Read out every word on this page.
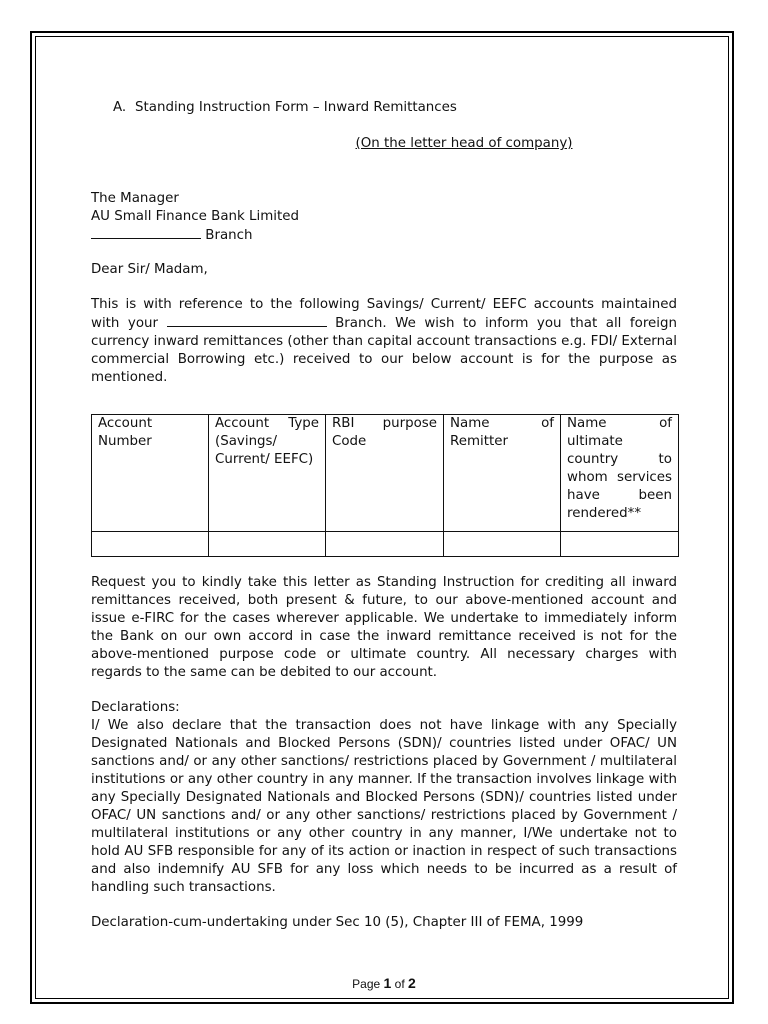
A. Standing Instruction Form – Inward Remittances
(On the letter head of company)
The Manager
AU Small Finance Bank Limited
Branch
Dear Sir/ Madam,

This is with reference to the following Savings/ Current/ EEFC accounts maintained with your	Branch. We wish to inform you that all foreign currency inward remittances (other than capital account transactions e.g. FDI/ External commercial Borrowing etc.) received to our below account is for the purpose as mentioned.

Account Number	Account Type (Savings/ Current/ EEFC)	RBI purpose Code	Name of Remitter	Name of ultimate country to whom services have been rendered**

Request you to kindly take this letter as Standing Instruction for crediting all inward remittances received, both present & future, to our above-mentioned account and issue e-FIRC for the cases wherever applicable. We undertake to immediately inform the Bank on our own accord in case the inward remittance received is not for the above-mentioned purpose code or ultimate country. All necessary charges with regards to the same can be debited to our account.

Declarations:

I/ We also declare that the transaction does not have linkage with any Specially Designated Nationals and Blocked Persons (SDN)/ countries listed under OFAC/ UN sanctions and/ or any other sanctions/ restrictions placed by Government / multilateral institutions or any other country in any manner. If the transaction involves linkage with any Specially Designated Nationals and Blocked Persons (SDN)/ countries listed under OFAC/ UN sanctions and/ or any other sanctions/ restrictions placed by Government / multilateral institutions or any other country in any manner, I/We undertake not to hold AU SFB responsible for any of its action or inaction in respect of such transactions and also indemnify AU SFB for any loss which needs to be incurred as a result of handling such transactions.

Declaration-cum-undertaking under Sec 10 (5), Chapter III of FEMA, 1999
Page 1 of 2
